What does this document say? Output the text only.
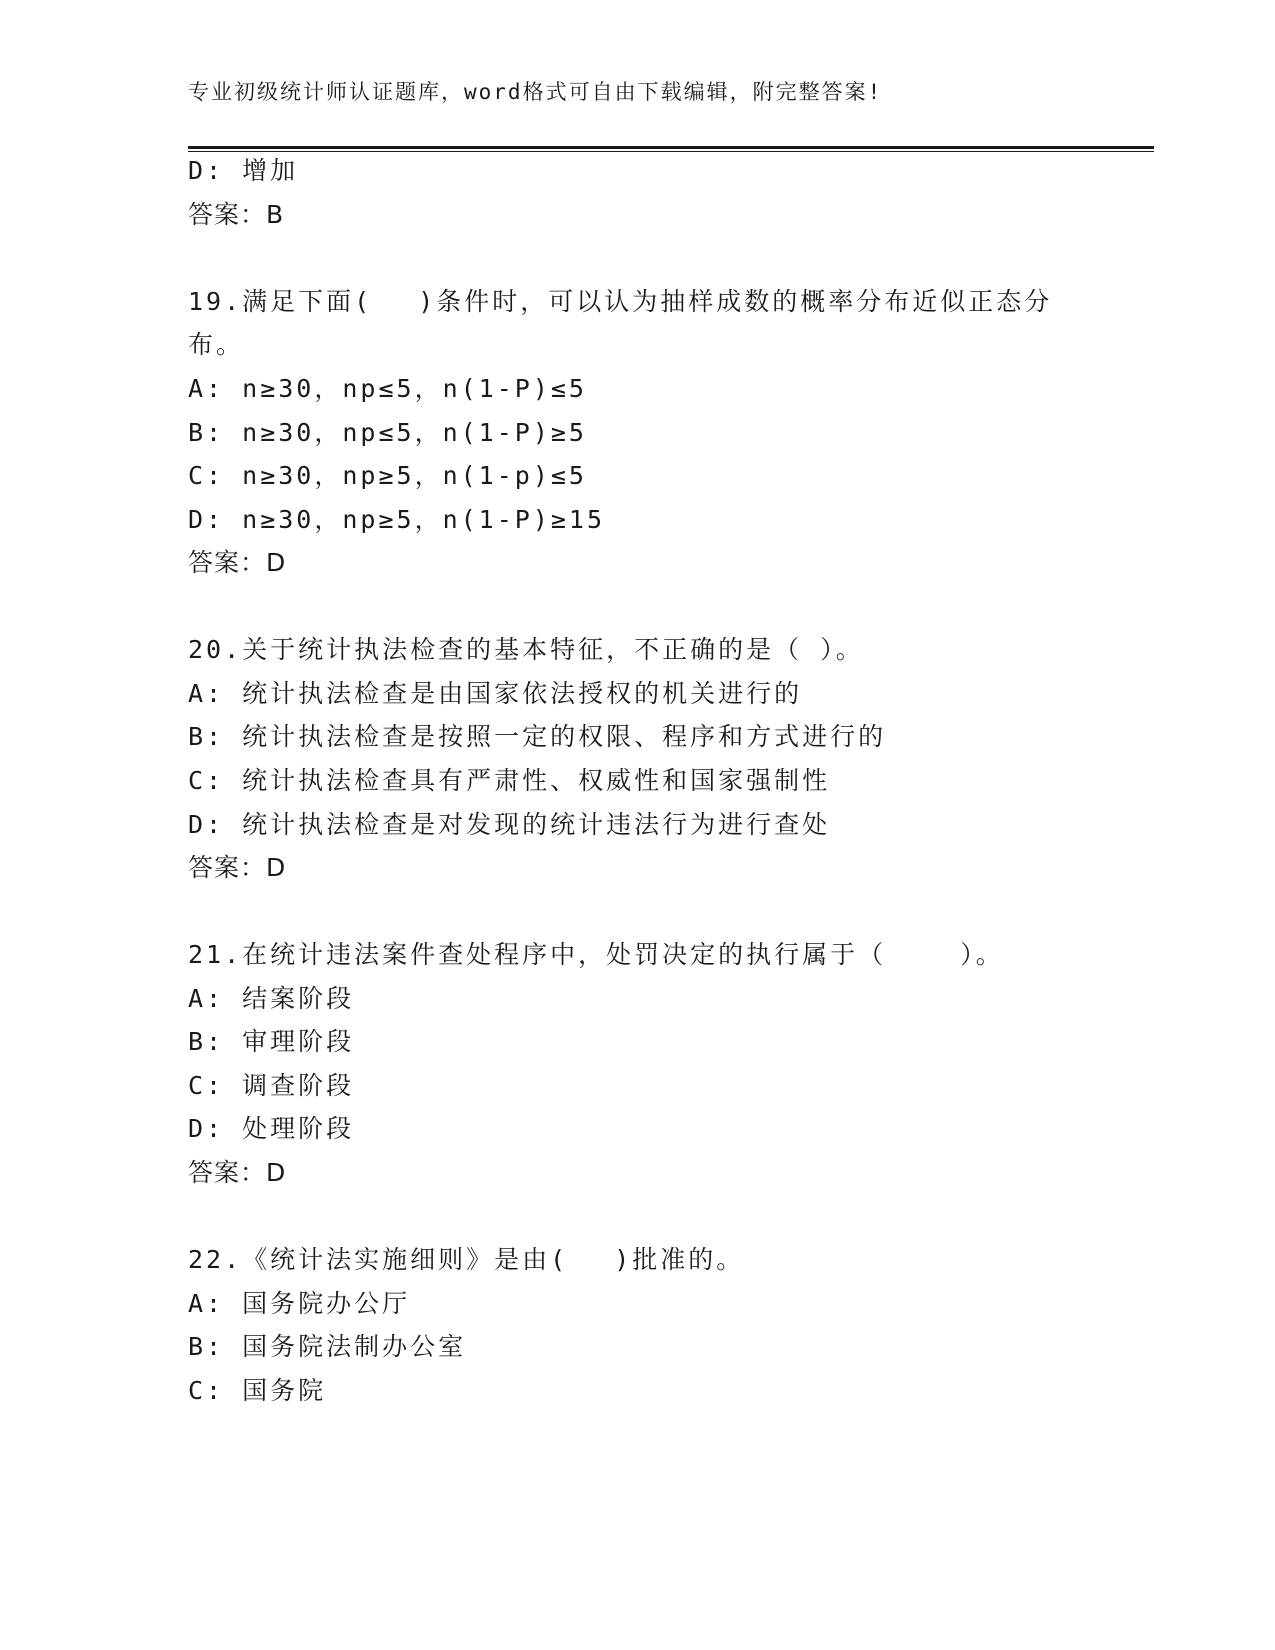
专业初级统计师认证题库，word格式可自由下载编辑，附完整答案!
D: 增加
答案：B
19.满足下面(　 )条件时，可以认为抽样成数的概率分布近似正态分
布。
A: n≥30，np≤5，n(1-P)≤5
B: n≥30，np≤5，n(1-P)≥5
C: n≥30，np≥5，n(1-p)≤5
D: n≥30，np≥5，n(1-P)≥15
答案：D
20.关于统计执法检查的基本特征，不正确的是（ ）。
A: 统计执法检查是由国家依法授权的机关进行的
B: 统计执法检查是按照一定的权限、程序和方式进行的
C: 统计执法检查具有严肃性、权威性和国家强制性
D: 统计执法检查是对发现的统计违法行为进行查处
答案：D
21.在统计违法案件查处程序中，处罚决定的执行属于（　　 ）。
A: 结案阶段
B: 审理阶段
C: 调查阶段
D: 处理阶段
答案：D
22.《统计法实施细则》是由(　 )批准的。
A: 国务院办公厅
B: 国务院法制办公室
C: 国务院
